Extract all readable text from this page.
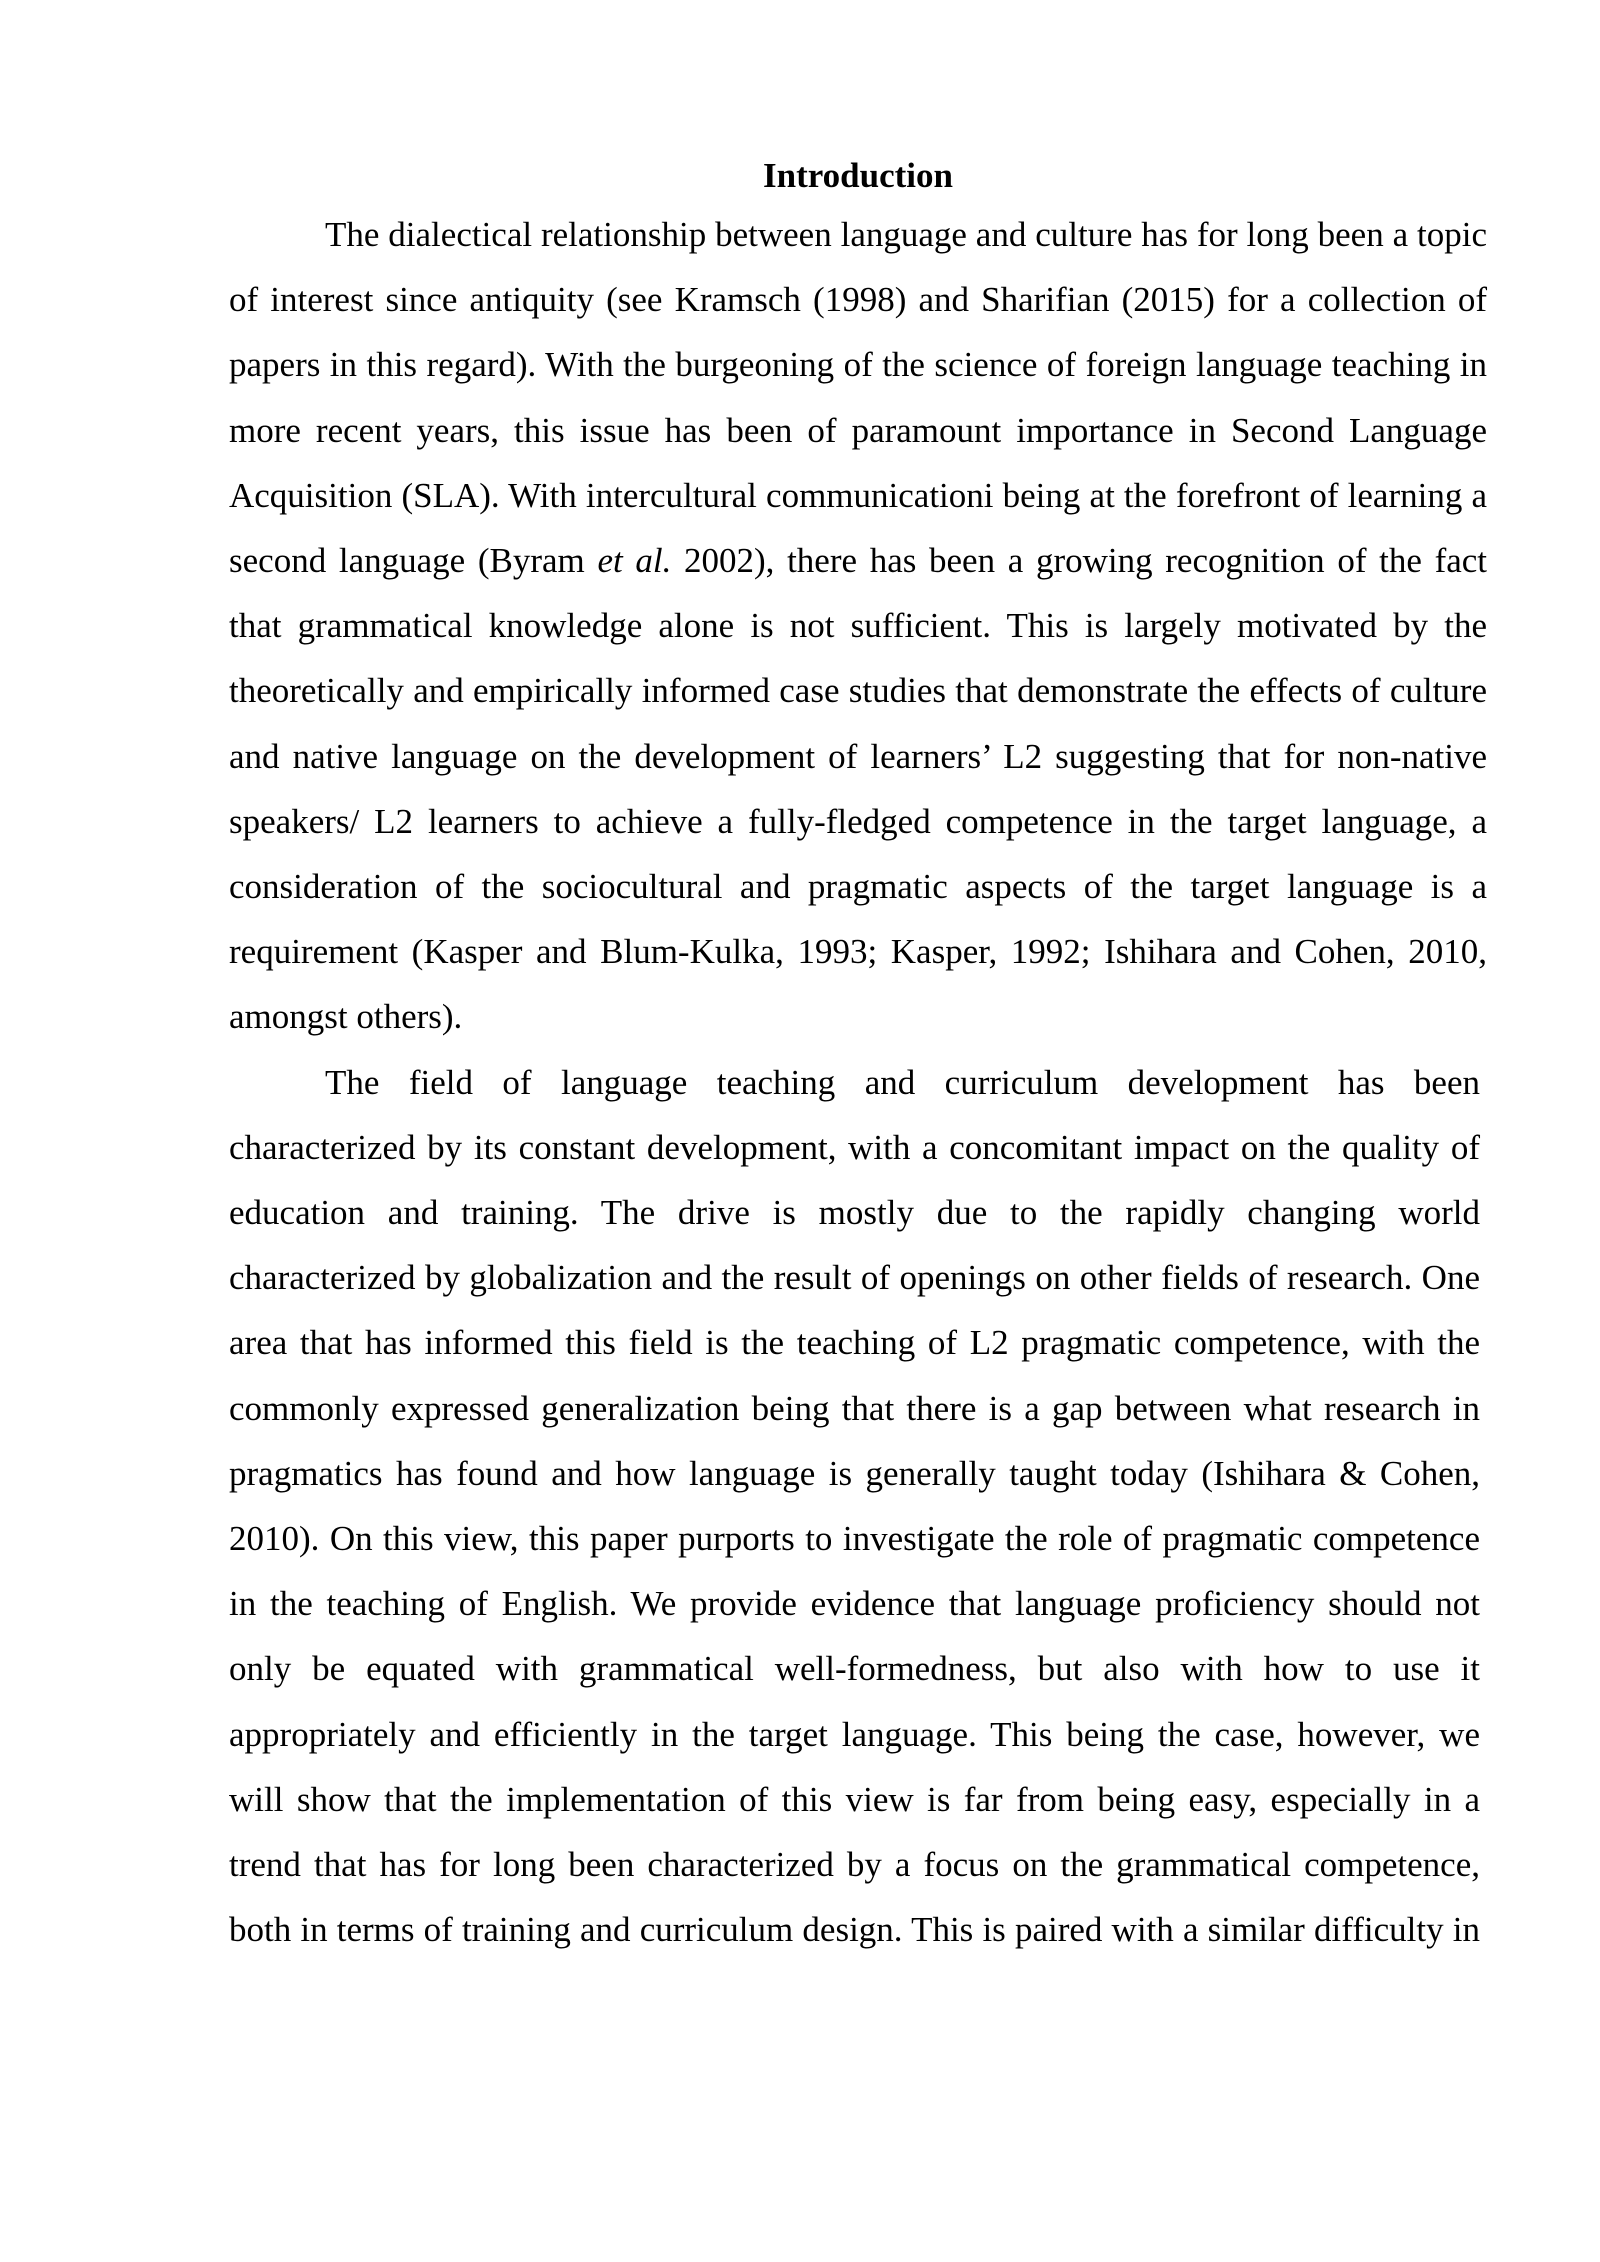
Introduction

The dialectical relationship between language and culture has for long been a topic of interest since antiquity (see Kramsch (1998) and Sharifian (2015) for a collection of papers in this regard). With the burgeoning of the science of foreign language teaching in more recent years, this issue has been of paramount importance in Second Language Acquisition (SLA). With intercultural communicationi being at the forefront of learning a second language (Byram et al. 2002), there has been a growing recognition of the fact that grammatical knowledge alone is not sufficient. This is largely motivated by the theoretically and empirically informed case studies that demonstrate the effects of culture and native language on the development of learners’ L2 suggesting that for non-native speakers/ L2 learners to achieve a fully-fledged competence in the target language, a consideration of the sociocultural and pragmatic aspects of the target language is a requirement (Kasper and Blum-Kulka, 1993; Kasper, 1992; Ishihara and Cohen, 2010, amongst others).

The field of language teaching and curriculum development has been characterized by its constant development, with a concomitant impact on the quality of education and training. The drive is mostly due to the rapidly changing world characterized by globalization and the result of openings on other fields of research. One area that has informed this field is the teaching of L2 pragmatic competence, with the commonly expressed generalization being that there is a gap between what research in pragmatics has found and how language is generally taught today (Ishihara & Cohen, 2010). On this view, this paper purports to investigate the role of pragmatic competence in the teaching of English. We provide evidence that language proficiency should not only be equated with grammatical well-formedness, but also with how to use it appropriately and efficiently in the target language. This being the case, however, we will show that the implementation of this view is far from being easy, especially in a trend that has for long been characterized by a focus on the grammatical competence, both in terms of training and curriculum design. This is paired with a similar difficulty in
